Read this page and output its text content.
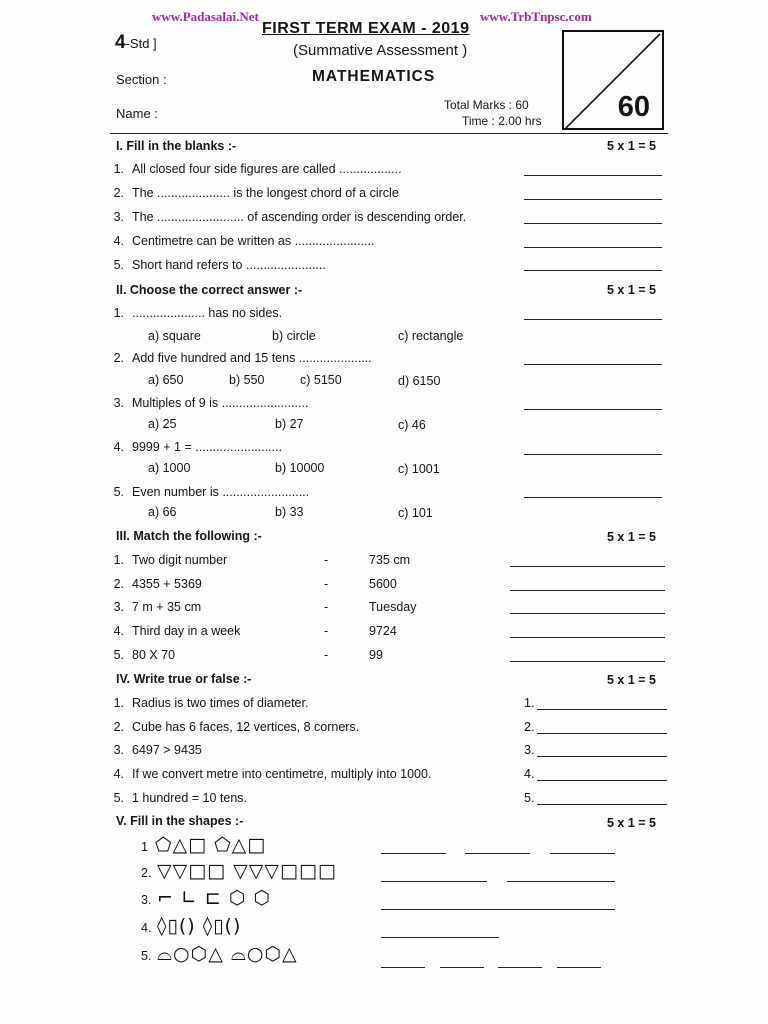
www.Padasalai.Net	www.TrbTnpsc.com
4-Std ]
FIRST TERM EXAM - 2019
(Summative Assessment )
MATHEMATICS
Section :
Name :
Total Marks : 60
Time : 2.00 hrs	60
I. Fill in the blanks :-	5 x 1 = 5
1. All closed four side figures are called ..................
2. The ..................... is the longest chord of a circle
3. The ......................... of ascending order is descending order.
4. Centimetre can be written as .......................
5. Short hand refers to .......................
II. Choose the correct answer :-	5 x 1 = 5
1. ..................... has no sides.
a) square	b) circle	c) rectangle
2. Add five hundred and 15 tens .....................
a) 650	b) 550	c) 5150	d) 6150
3. Multiples of 9 is .........................
a) 25	b) 27	c) 46
4. 9999 + 1 = .........................
a) 1000	b) 10000	c) 1001
5. Even number is .........................
a) 66	b) 33	c) 101
III. Match the following :-	5 x 1 = 5
1. Two digit number	-	735 cm
2. 4355 + 5369	-	5600
3. 7 m + 35 cm	-	Tuesday
4. Third day in a week	-	9724
5. 80 X 70	-	99
IV. Write true or false :-	5 x 1 = 5
1. Radius is two times of diameter.	1.
2. Cube has 6 faces, 12 vertices, 8 corners.	2.
3. 6497 > 9435	3.
4. If we convert metre into centimetre, multiply into 1000.	4.
5. 1 hundred = 10 tens.	5.
V. Fill in the shapes :-	5 x 1 = 5
1 ⬠△□ ⬠△□
2. ▽▽□□ ▽▽▽□□□
3. ⌐ ∟ ⊏ ⬡ ⬡
4. ◊▯() ◊▯()
5. ⌓○⬡△ ⌓○⬡△
